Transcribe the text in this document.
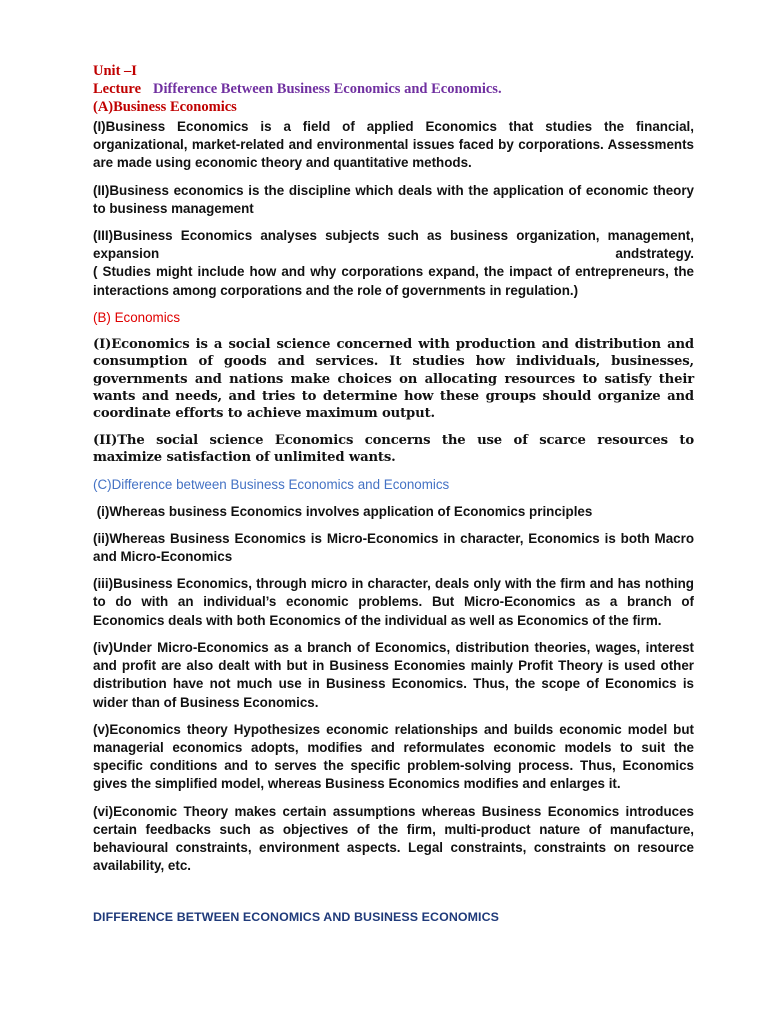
Unit –I
Lecture Difference Between Business Economics and Economics.
(A)Business Economics

(I)Business Economics is a field of applied Economics that studies the financial, organizational, market-related and environmental issues faced by corporations. Assessments are made using economic theory and quantitative methods.

(II)Business economics is the discipline which deals with the application of economic theory to business management

(III)Business Economics analyses subjects such as business organization, management, expansion andstrategy.

( Studies might include how and why corporations expand, the impact of entrepreneurs, the interactions among corporations and the role of governments in regulation.)

(B) Economics

(I)Economics is a social science concerned with production and distribution and consumption of goods and services. It studies how individuals, businesses, governments and nations make choices on allocating resources to satisfy their wants and needs, and tries to determine how these groups should organize and coordinate efforts to achieve maximum output.

(II)The social science Economics concerns the use of scarce resources to maximize satisfaction of unlimited wants.

(C)Difference between Business Economics and Economics

(i)Whereas business Economics involves application of Economics principles

(ii)Whereas Business Economics is Micro-Economics in character, Economics is both Macro and Micro-Economics

(iii)Business Economics, through micro in character, deals only with the firm and has nothing to do with an individual’s economic problems. But Micro-Economics as a branch of Economics deals with both Economics of the individual as well as Economics of the firm.

(iv)Under Micro-Economics as a branch of Economics, distribution theories, wages, interest and profit are also dealt with but in Business Economies mainly Profit Theory is used other distribution have not much use in Business Economics. Thus, the scope of Economics is wider than of Business Economics.

(v)Economics theory Hypothesizes economic relationships and builds economic model but managerial economics adopts, modifies and reformulates economic models to suit the specific conditions and to serves the specific problem-solving process. Thus, Economics gives the simplified model, whereas Business Economics modifies and enlarges it.

(vi)Economic Theory makes certain assumptions whereas Business Economics introduces certain feedbacks such as objectives of the firm, multi-product nature of manufacture, behavioural constraints, environment aspects. Legal constraints, constraints on resource availability, etc.

DIFFERENCE BETWEEN ECONOMICS AND BUSINESS ECONOMICS
